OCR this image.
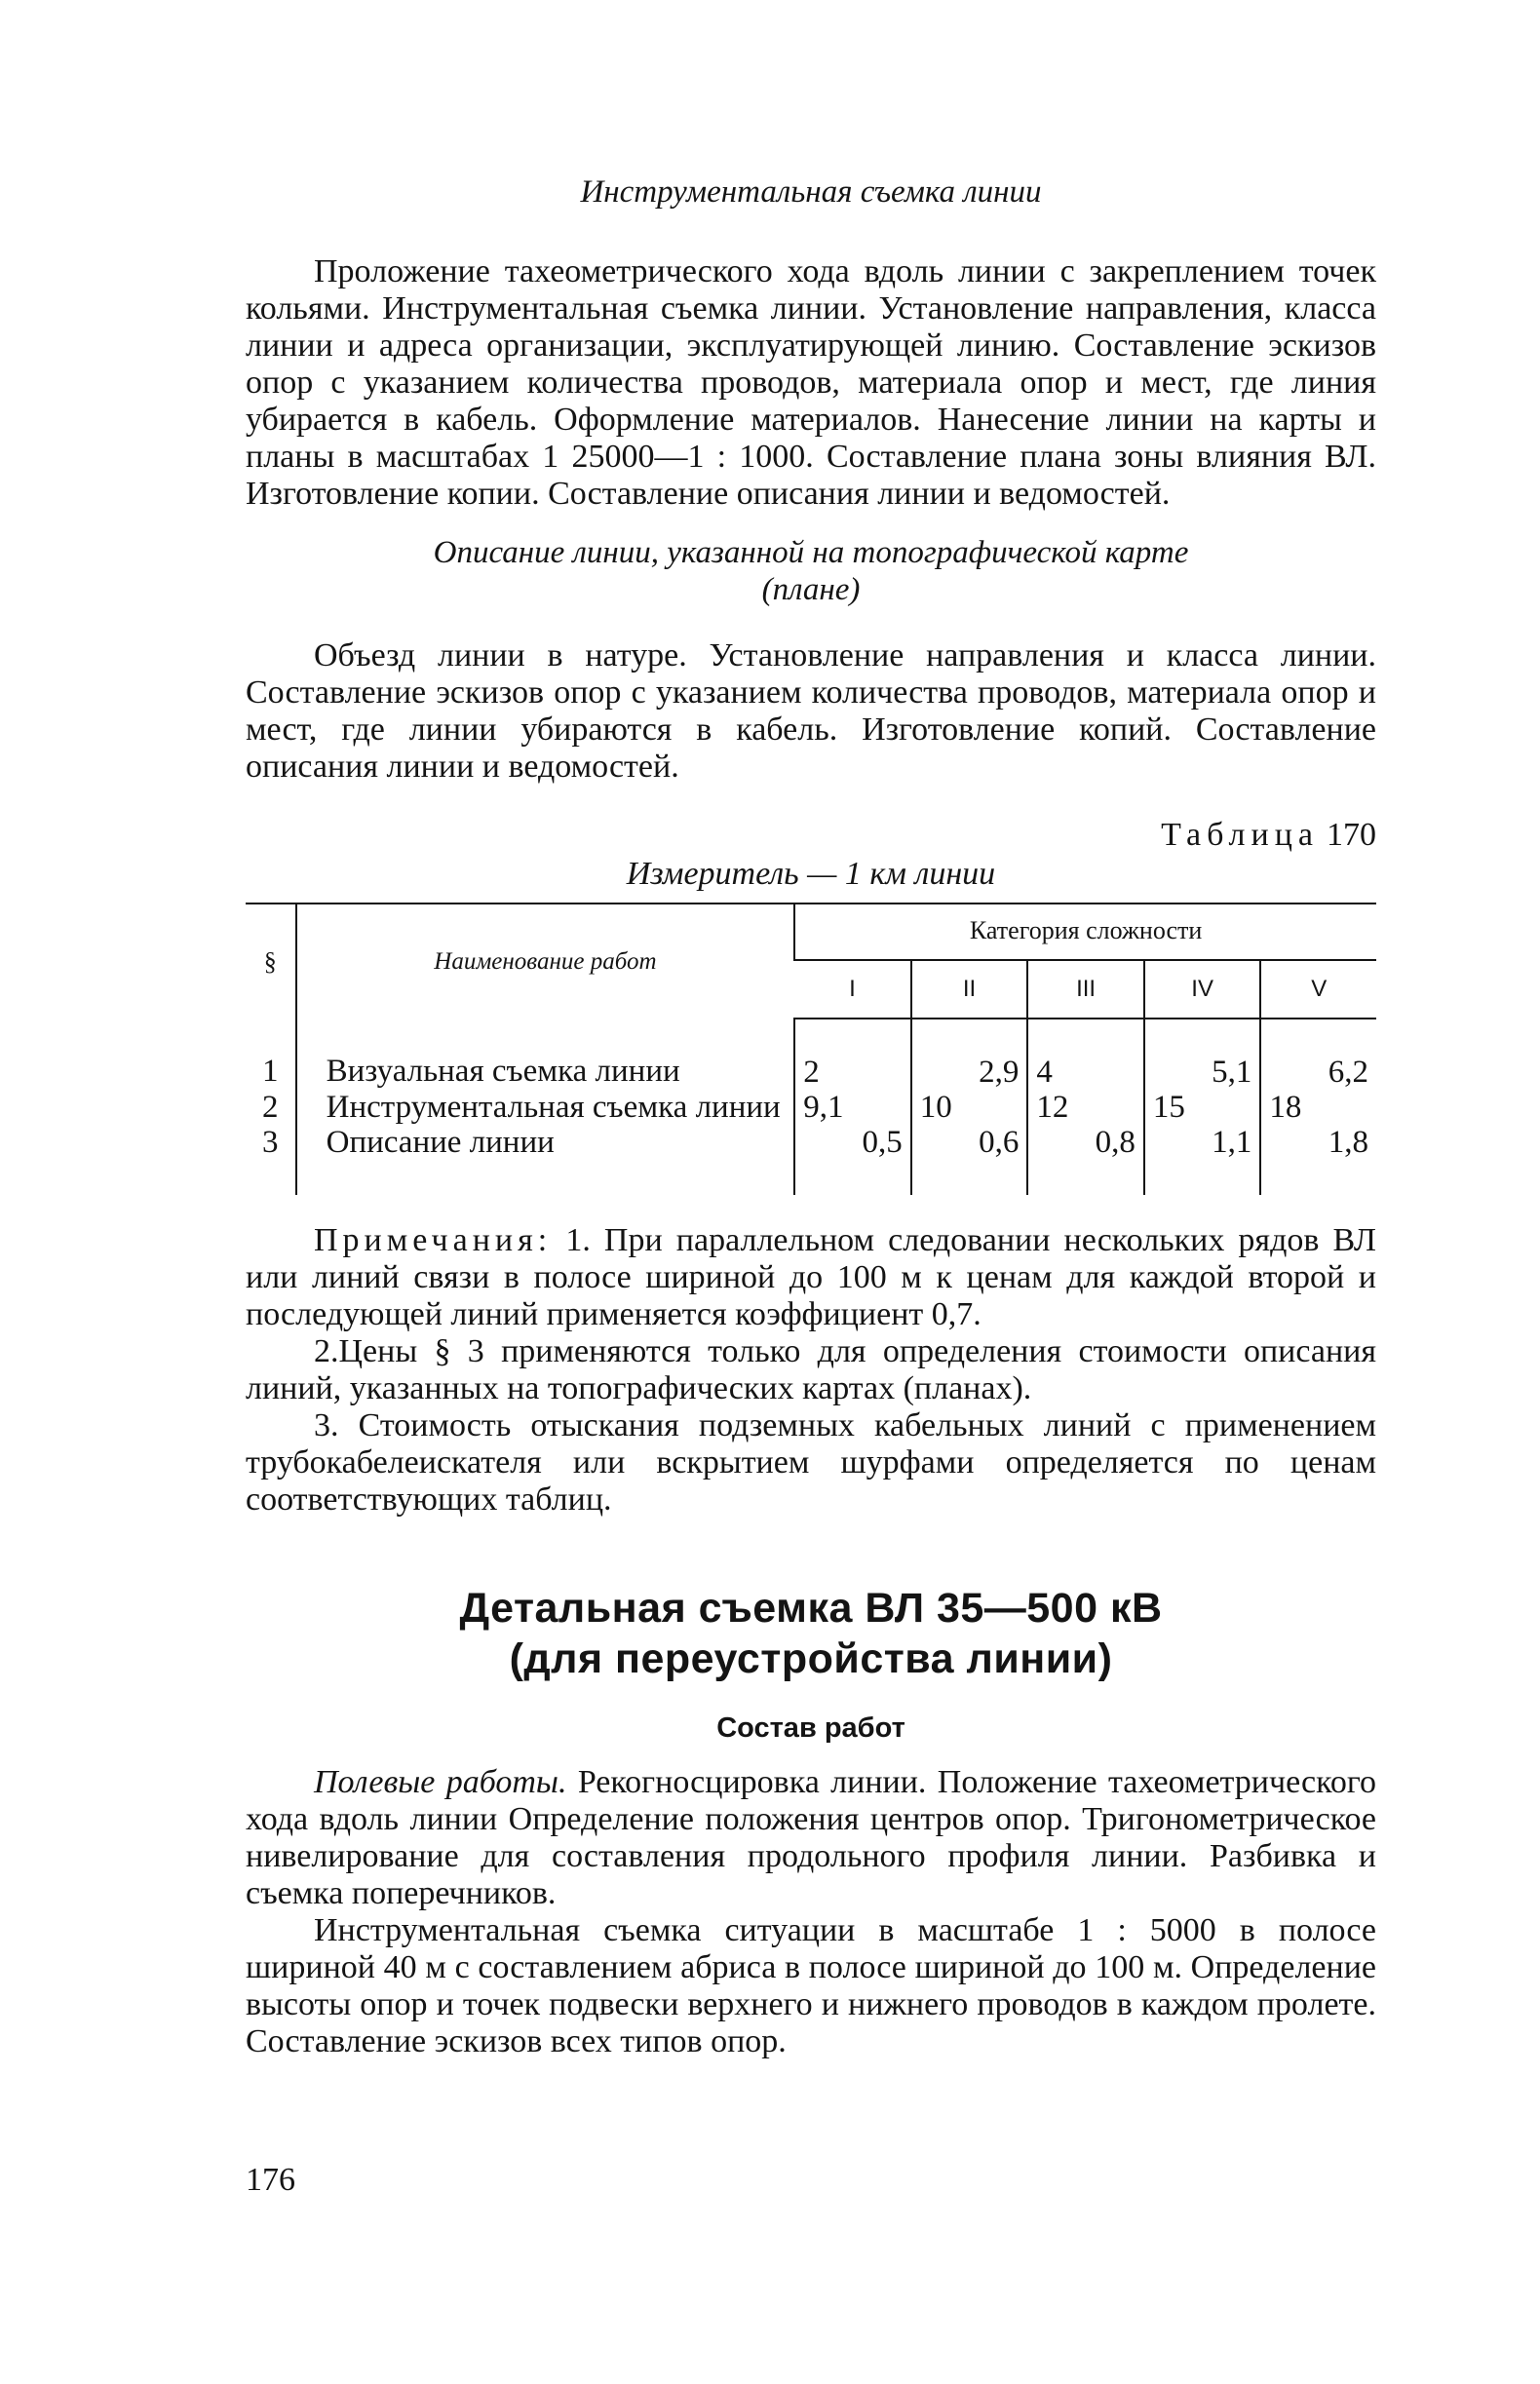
Инструментальная съемка линии

Проложение тахеометрического хода вдоль линии с закреплением точек кольями. Инструментальная съемка линии. Установление направления, класса линии и адреса организации, эксплуатирующей линию. Составление эскизов опор с указанием количества проводов, материала опор и мест, где линия убирается в кабель. Оформление материалов. Нанесение линии на карты и планы в масштабах 1 25000—1 : 1000. Составление плана зоны влияния ВЛ. Изготовление копии. Составление описания линии и ведомостей.

Описание линии, указанной на топографической карте
(плане)

Объезд линии в натуре. Установление направления и класса линии. Составление эскизов опор с указанием количества проводов, материала опор и мест, где линии убираются в кабель. Изготовление копий. Составление описания линии и ведомостей.

Таблица 170
Измеритель — 1 км линии
§	Наименование работ	Категория сложности				
		I	II	III	IV	V
1	Визуальная съемка линии	2	2,9	4	5,1	6,2

2	Инструментальная съемка линии	9,1	10	12	15	18

3	Описание линии	0,5	0,6	0,8	1,1	1,8

Примечания: 1. При параллельном следовании нескольких рядов ВЛ или линий связи в полосе шириной до 100 м к ценам для каждой второй и последующей линий применяется коэффициент 0,7.

2.Цены § 3 применяются только для определения стоимости описания линий, указанных на топографических картах (планах).

3. Стоимость отыскания подземных кабельных линий с применением трубокабелеискателя или вскрытием шурфами определяется по ценам соответствующих таблиц.

Детальная съемка ВЛ 35—500 кВ
(для переустройства линии)
Состав работ

Полевые работы. Рекогносцировка линии. Положение тахеометрического хода вдоль линии Определение положения центров опор. Тригонометрическое нивелирование для составления продольного профиля линии. Разбивка и съемка поперечников.

Инструментальная съемка ситуации в масштабе 1 : 5000 в полосе шириной 40 м с составлением абриса в полосе шириной до 100 м. Определение высоты опор и точек подвески верхнего и нижнего проводов в каждом пролете. Составление эскизов всех типов опор.

176
